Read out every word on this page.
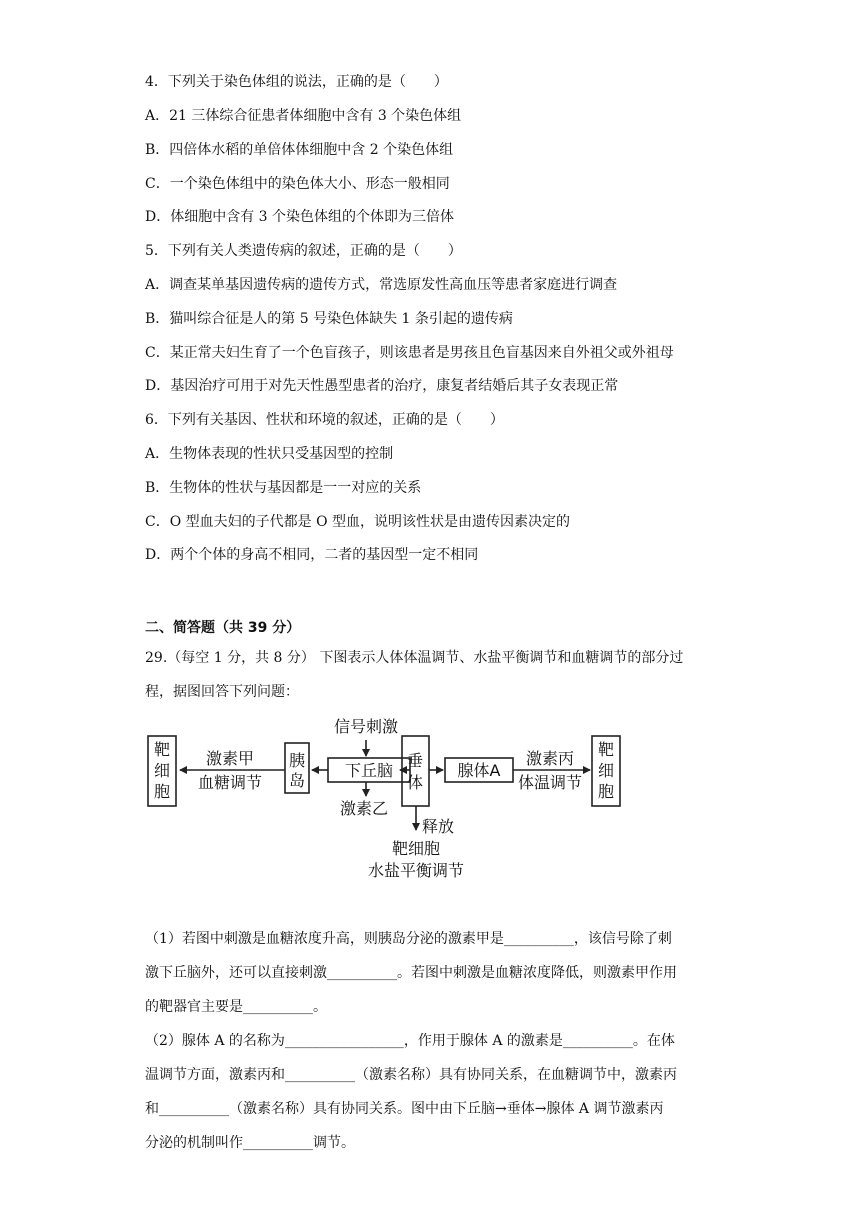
4．下列关于染色体组的说法，正确的是（　　）
A．21 三体综合征患者体细胞中含有 3 个染色体组
B．四倍体水稻的单倍体体细胞中含 2 个染色体组
C．一个染色体组中的染色体大小、形态一般相同
D．体细胞中含有 3 个染色体组的个体即为三倍体
5．下列有关人类遗传病的叙述，正确的是（　　）
A．调查某单基因遗传病的遗传方式，常选原发性高血压等患者家庭进行调查
B．猫叫综合征是人的第 5 号染色体缺失 1 条引起的遗传病
C．某正常夫妇生育了一个色盲孩子，则该患者是男孩且色盲基因来自外祖父或外祖母
D．基因治疗可用于对先天性愚型患者的治疗，康复者结婚后其子女表现正常
6．下列有关基因、性状和环境的叙述，正确的是（　　）
A．生物体表现的性状只受基因型的控制
B．生物体的性状与基因都是一一对应的关系
C．O 型血夫妇的子代都是 O 型血，说明该性状是由遗传因素决定的
D．两个个体的身高不相同，二者的基因型一定不相同
二、简答题（共 39 分）
29.（每空 1 分，共 8 分） 下图表示人体体温调节、水盐平衡调节和血糖调节的部分过
程，据图回答下列问题：
靶
细
胞
激素甲
血糖调节
胰
岛
信号刺激
下丘脑
激素乙
垂
体
腺体A
激素丙
体温调节
靶
细
胞
释放
靶细胞
水盐平衡调节
（1）若图中刺激是血糖浓度升高，则胰岛分泌的激素甲是__________，该信号除了刺
激下丘脑外，还可以直接刺激__________。若图中刺激是血糖浓度降低，则激素甲作用
的靶器官主要是__________。
（2）腺体 A 的名称为_________________，作用于腺体 A 的激素是__________。在体
温调节方面，激素丙和__________（激素名称）具有协同关系，在血糖调节中，激素丙
和__________（激素名称）具有协同关系。图中由下丘脑→垂体→腺体 A 调节激素丙
分泌的机制叫作__________调节。
